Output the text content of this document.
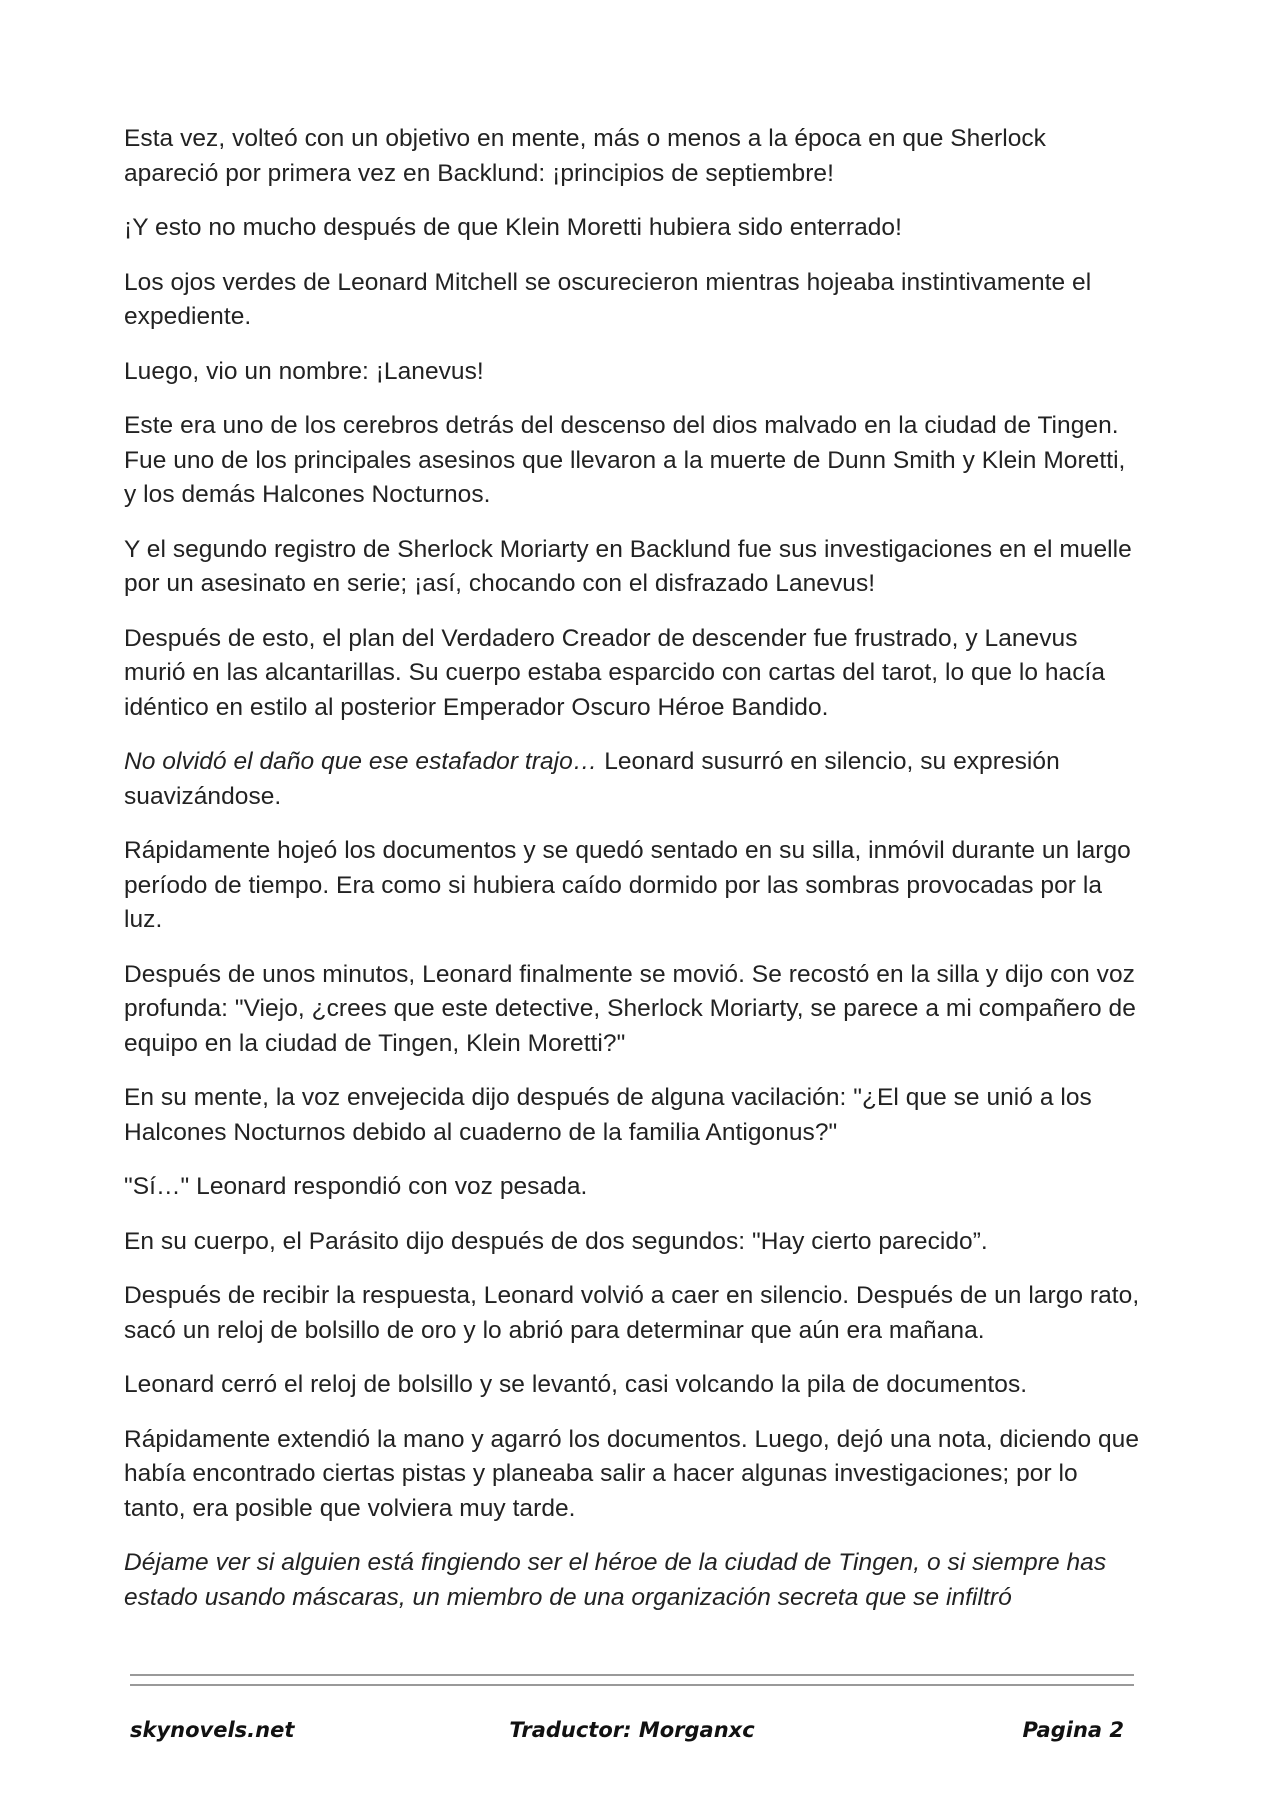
Esta vez, volteó con un objetivo en mente, más o menos a la época en que Sherlock apareció por primera vez en Backlund: ¡principios de septiembre!

¡Y esto no mucho después de que Klein Moretti hubiera sido enterrado!

Los ojos verdes de Leonard Mitchell se oscurecieron mientras hojeaba instintivamente el expediente.

Luego, vio un nombre: ¡Lanevus!

Este era uno de los cerebros detrás del descenso del dios malvado en la ciudad de Tingen. Fue uno de los principales asesinos que llevaron a la muerte de Dunn Smith y Klein Moretti, y los demás Halcones Nocturnos.

Y el segundo registro de Sherlock Moriarty en Backlund fue sus investigaciones en el muelle por un asesinato en serie; ¡así, chocando con el disfrazado Lanevus!

Después de esto, el plan del Verdadero Creador de descender fue frustrado, y Lanevus murió en las alcantarillas. Su cuerpo estaba esparcido con cartas del tarot, lo que lo hacía idéntico en estilo al posterior Emperador Oscuro Héroe Bandido.

No olvidó el daño que ese estafador trajo… Leonard susurró en silencio, su expresión suavizándose.

Rápidamente hojeó los documentos y se quedó sentado en su silla, inmóvil durante un largo período de tiempo. Era como si hubiera caído dormido por las sombras provocadas por la luz.

Después de unos minutos, Leonard finalmente se movió. Se recostó en la silla y dijo con voz profunda: "Viejo, ¿crees que este detective, Sherlock Moriarty, se parece a mi compañero de equipo en la ciudad de Tingen, Klein Moretti?"

En su mente, la voz envejecida dijo después de alguna vacilación: "¿El que se unió a los Halcones Nocturnos debido al cuaderno de la familia Antigonus?"

"Sí…" Leonard respondió con voz pesada.

En su cuerpo, el Parásito dijo después de dos segundos: "Hay cierto parecido”.

Después de recibir la respuesta, Leonard volvió a caer en silencio. Después de un largo rato, sacó un reloj de bolsillo de oro y lo abrió para determinar que aún era mañana.

Leonard cerró el reloj de bolsillo y se levantó, casi volcando la pila de documentos.

Rápidamente extendió la mano y agarró los documentos. Luego, dejó una nota, diciendo que había encontrado ciertas pistas y planeaba salir a hacer algunas investigaciones; por lo tanto, era posible que volviera muy tarde.

Déjame ver si alguien está fingiendo ser el héroe de la ciudad de Tingen, o si siempre has estado usando máscaras, un miembro de una organización secreta que se infiltró

skynovels.net	Traductor: Morganxc	Pagina 2
